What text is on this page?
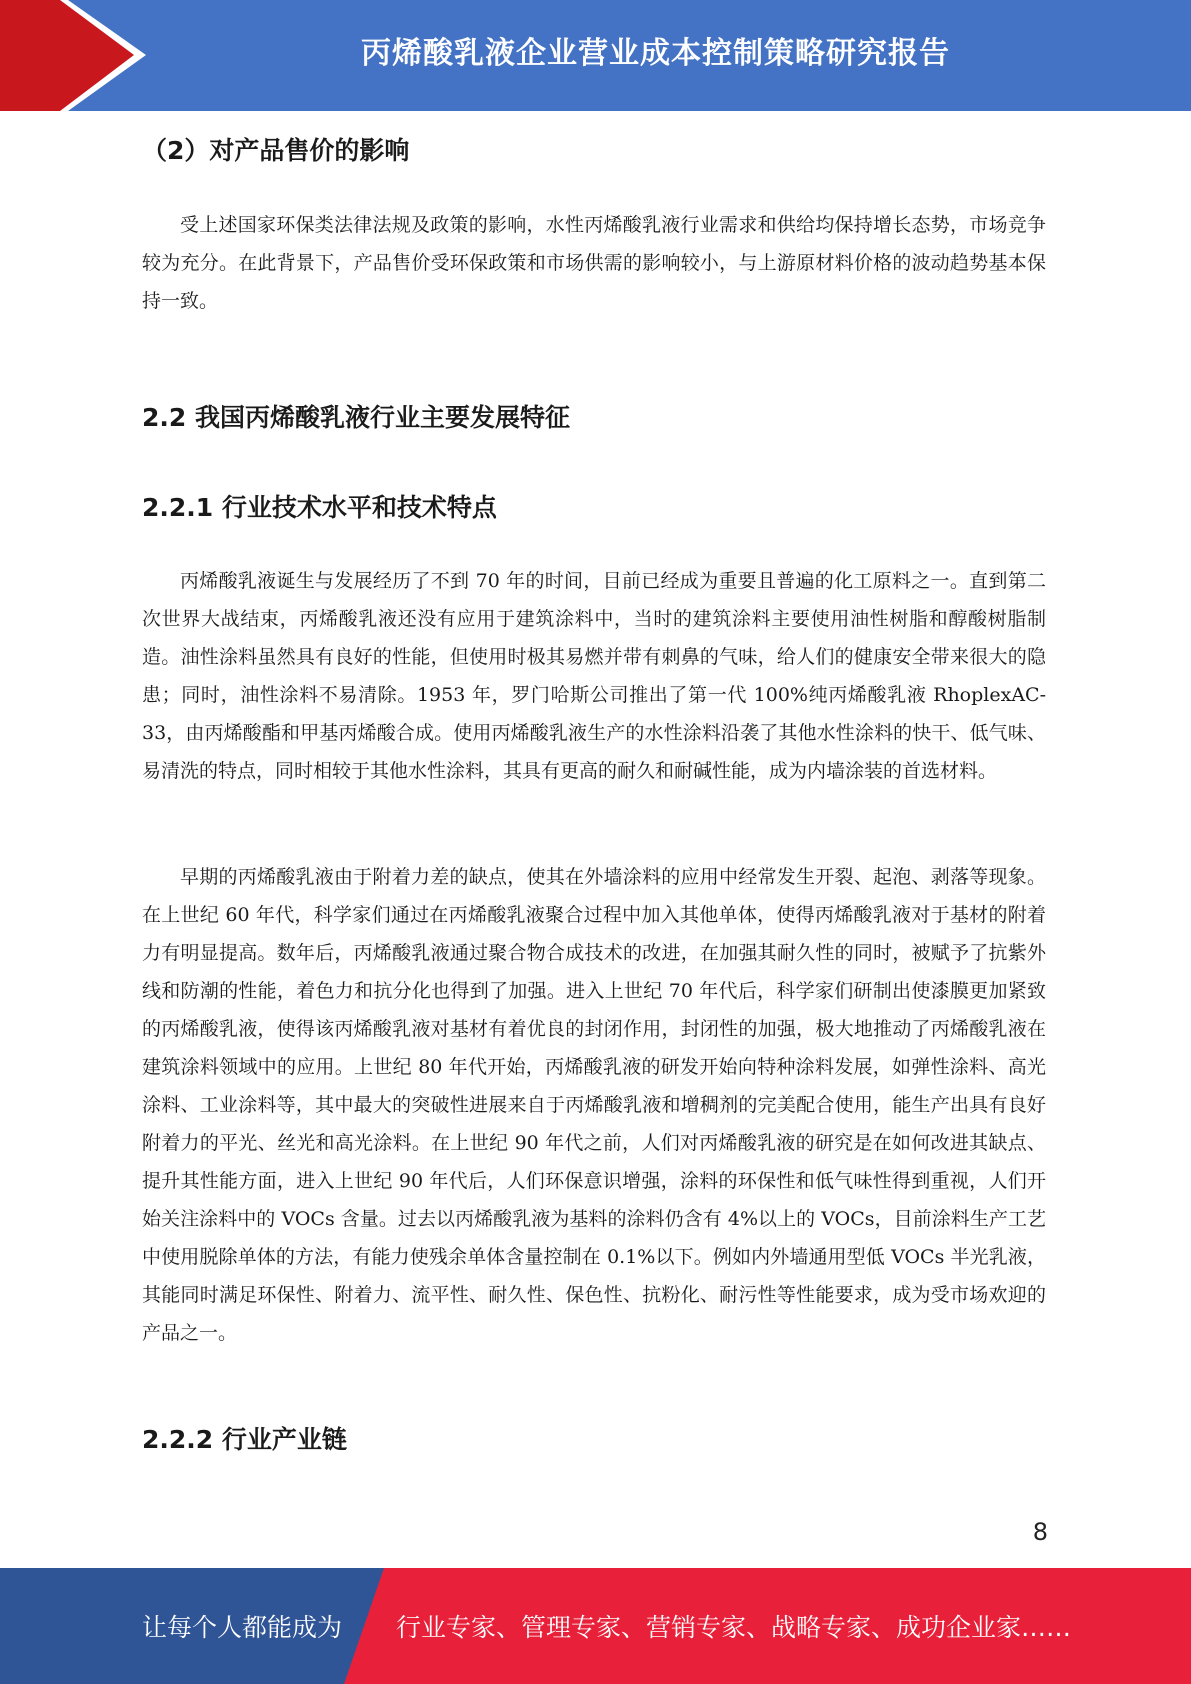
丙烯酸乳液企业营业成本控制策略研究报告
（2）对产品售价的影响

受上述国家环保类法律法规及政策的影响，水性丙烯酸乳液行业需求和供给均保持增长态势，市场竞争较为充分。在此背景下，产品售价受环保政策和市场供需的影响较小，与上游原材料价格的波动趋势基本保持一致。

2.2 我国丙烯酸乳液行业主要发展特征
2.2.1 行业技术水平和技术特点

丙烯酸乳液诞生与发展经历了不到 70 年的时间，目前已经成为重要且普遍的化工原料之一。直到第二次世界大战结束，丙烯酸乳液还没有应用于建筑涂料中，当时的建筑涂料主要使用油性树脂和醇酸树脂制造。油性涂料虽然具有良好的性能，但使用时极其易燃并带有刺鼻的气味，给人们的健康安全带来很大的隐患；同时，油性涂料不易清除。1953 年，罗门哈斯公司推出了第一代 100%纯丙烯酸乳液 RhoplexAC-33，由丙烯酸酯和甲基丙烯酸合成。使用丙烯酸乳液生产的水性涂料沿袭了其他水性涂料的快干、低气味、易清洗的特点，同时相较于其他水性涂料，其具有更高的耐久和耐碱性能，成为内墙涂装的首选材料。

早期的丙烯酸乳液由于附着力差的缺点，使其在外墙涂料的应用中经常发生开裂、起泡、剥落等现象。在上世纪 60 年代，科学家们通过在丙烯酸乳液聚合过程中加入其他单体，使得丙烯酸乳液对于基材的附着力有明显提高。数年后，丙烯酸乳液通过聚合物合成技术的改进，在加强其耐久性的同时，被赋予了抗紫外线和防潮的性能，着色力和抗分化也得到了加强。进入上世纪 70 年代后，科学家们研制出使漆膜更加紧致的丙烯酸乳液，使得该丙烯酸乳液对基材有着优良的封闭作用，封闭性的加强，极大地推动了丙烯酸乳液在建筑涂料领域中的应用。上世纪 80 年代开始，丙烯酸乳液的研发开始向特种涂料发展，如弹性涂料、高光涂料、工业涂料等，其中最大的突破性进展来自于丙烯酸乳液和增稠剂的完美配合使用，能生产出具有良好附着力的平光、丝光和高光涂料。在上世纪 90 年代之前，人们对丙烯酸乳液的研究是在如何改进其缺点、提升其性能方面，进入上世纪 90 年代后，人们环保意识增强，涂料的环保性和低气味性得到重视，人们开始关注涂料中的 VOCs 含量。过去以丙烯酸乳液为基料的涂料仍含有 4%以上的 VOCs，目前涂料生产工艺中使用脱除单体的方法，有能力使残余单体含量控制在 0.1%以下。例如内外墙通用型低 VOCs 半光乳液，其能同时满足环保性、附着力、流平性、耐久性、保色性、抗粉化、耐污性等性能要求，成为受市场欢迎的产品之一。

2.2.2 行业产业链
8
让每个人都能成为 行业专家、管理专家、营销专家、战略专家、成功企业家……
